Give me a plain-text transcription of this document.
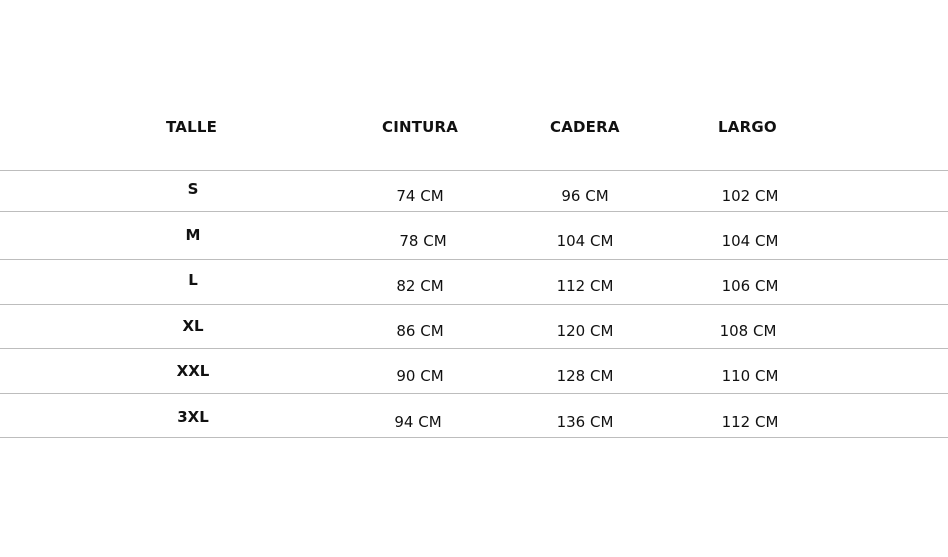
TALLE	CINTURA	CADERA	LARGO
S	74 CM	96 CM	102 CM
M	78 CM	104 CM	104 CM
L	82 CM	112 CM	106 CM
XL	86 CM	120 CM	108 CM
XXL	90 CM	128 CM	110 CM
3XL	94 CM	136 CM	112 CM
